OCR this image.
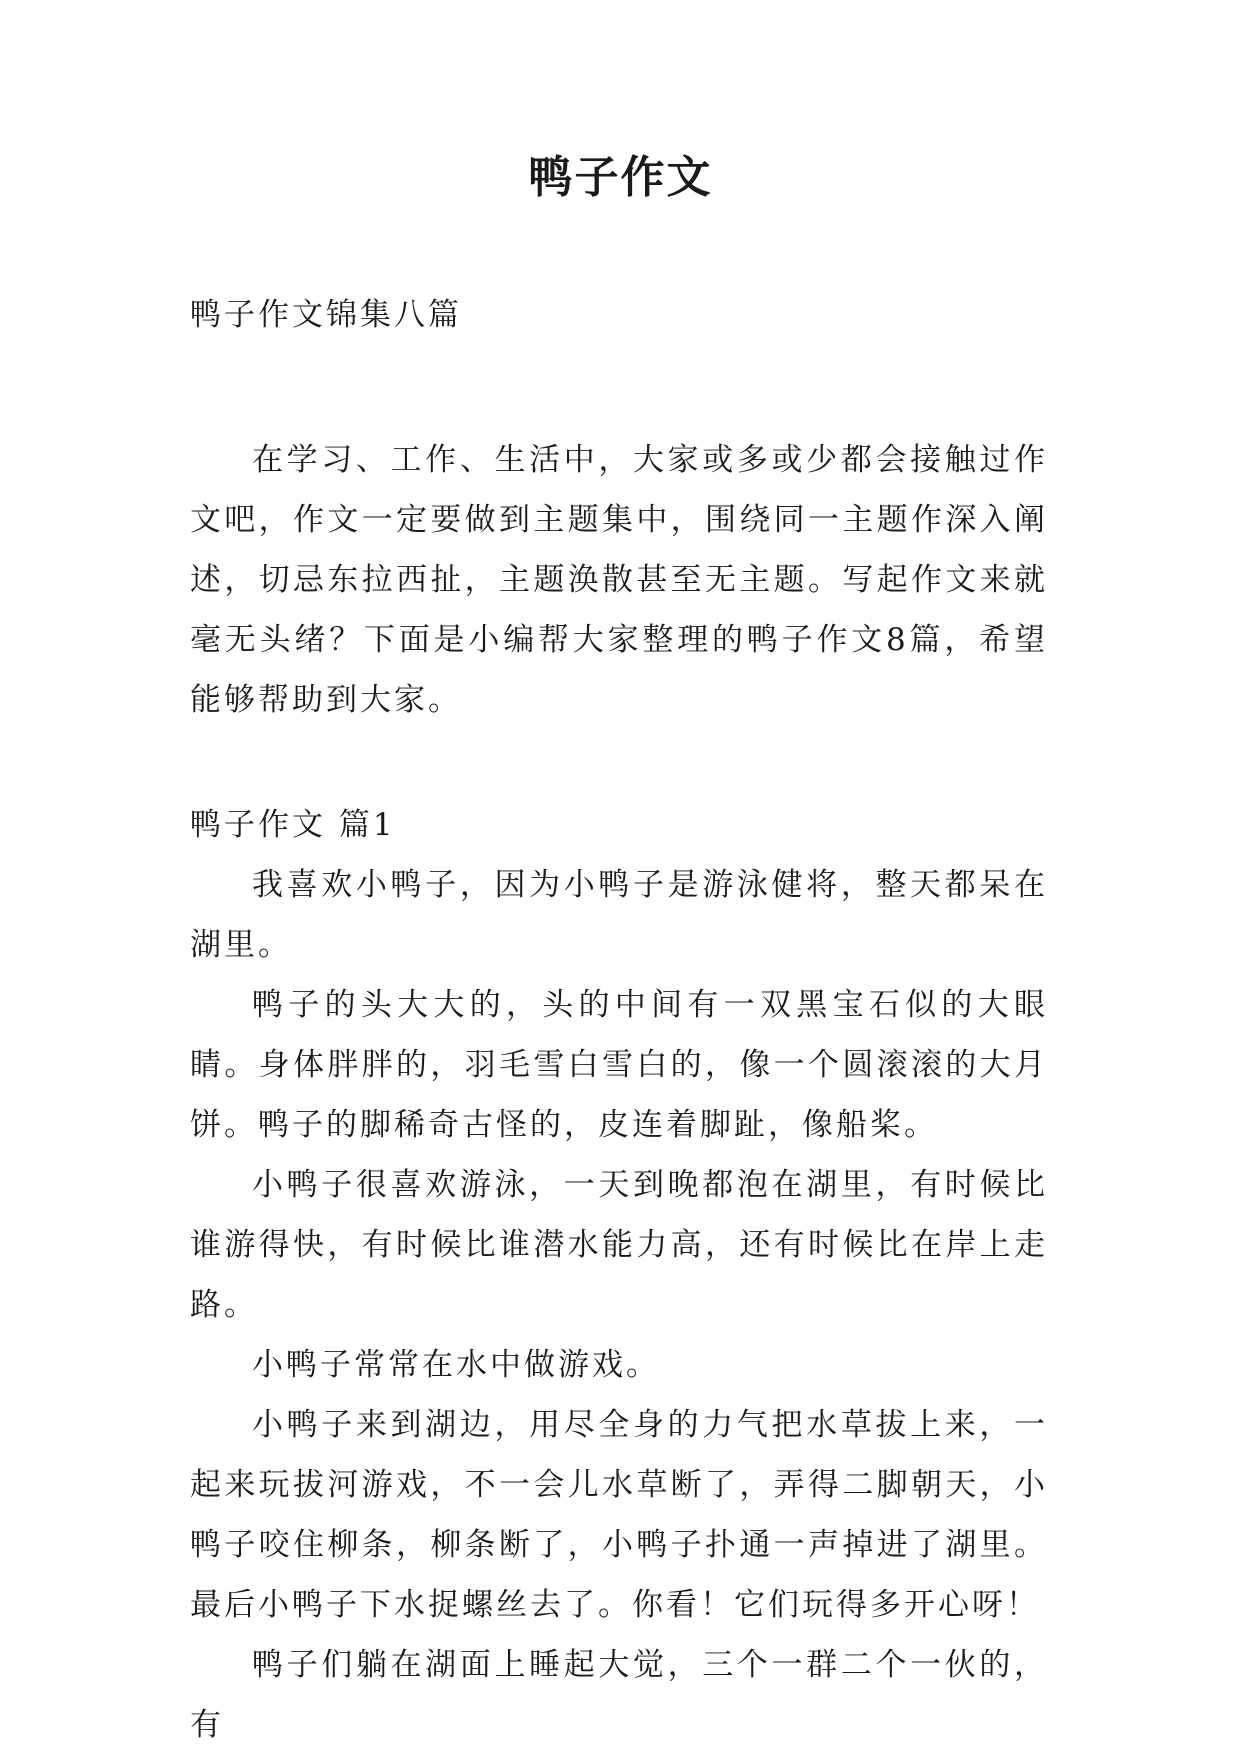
鸭子作文

鸭子作文锦集八篇

在学习、工作、生活中，大家或多或少都会接触过作文吧，作文一定要做到主题集中，围绕同一主题作深入阐述，切忌东拉西扯，主题涣散甚至无主题。写起作文来就毫无头绪？下面是小编帮大家整理的鸭子作文8篇，希望能够帮助到大家。

鸭子作文 篇1

我喜欢小鸭子，因为小鸭子是游泳健将，整天都呆在湖里。

鸭子的头大大的，头的中间有一双黑宝石似的大眼睛。身体胖胖的，羽毛雪白雪白的，像一个圆滚滚的大月饼。鸭子的脚稀奇古怪的，皮连着脚趾，像船桨。

小鸭子很喜欢游泳，一天到晚都泡在湖里，有时候比谁游得快，有时候比谁潜水能力高，还有时候比在岸上走路。

小鸭子常常在水中做游戏。

小鸭子来到湖边，用尽全身的力气把水草拔上来，一起来玩拔河游戏，不一会儿水草断了，弄得二脚朝天，小鸭子咬住柳条，柳条断了，小鸭子扑通一声掉进了湖里。最后小鸭子下水捉螺丝去了。你看！它们玩得多开心呀！

鸭子们躺在湖面上睡起大觉，三个一群二个一伙的，有
